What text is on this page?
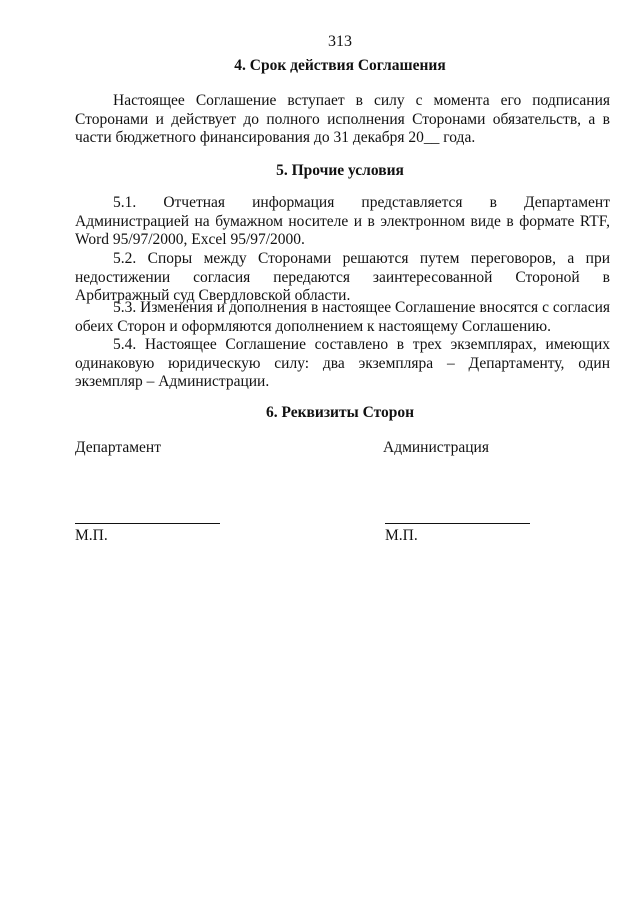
313
4. Срок действия Соглашения

Настоящее Соглашение вступает в силу с момента его подписания Сторонами и действует до полного исполнения Сторонами обязательств, а в части бюджетного финансирования до 31 декабря 20__ года.

5. Прочие условия

5.1. Отчетная информация представляется в Департамент Администрацией на бумажном носителе и в электронном виде в формате RTF, Word 95/97/2000, Excel 95/97/2000.

5.2. Споры между Сторонами решаются путем переговоров, а при недостижении согласия передаются заинтересованной Стороной в Арбитражный суд Свердловской области.

5.3. Изменения и дополнения в настоящее Соглашение вносятся с согласия обеих Сторон и оформляются дополнением к настоящему Соглашению.

5.4. Настоящее Соглашение составлено в трех экземплярах, имеющих одинаковую юридическую силу: два экземпляра – Департаменту, один экземпляр – Администрации.

6. Реквизиты Сторон
Департамент	Администрация
М.П.	М.П.
